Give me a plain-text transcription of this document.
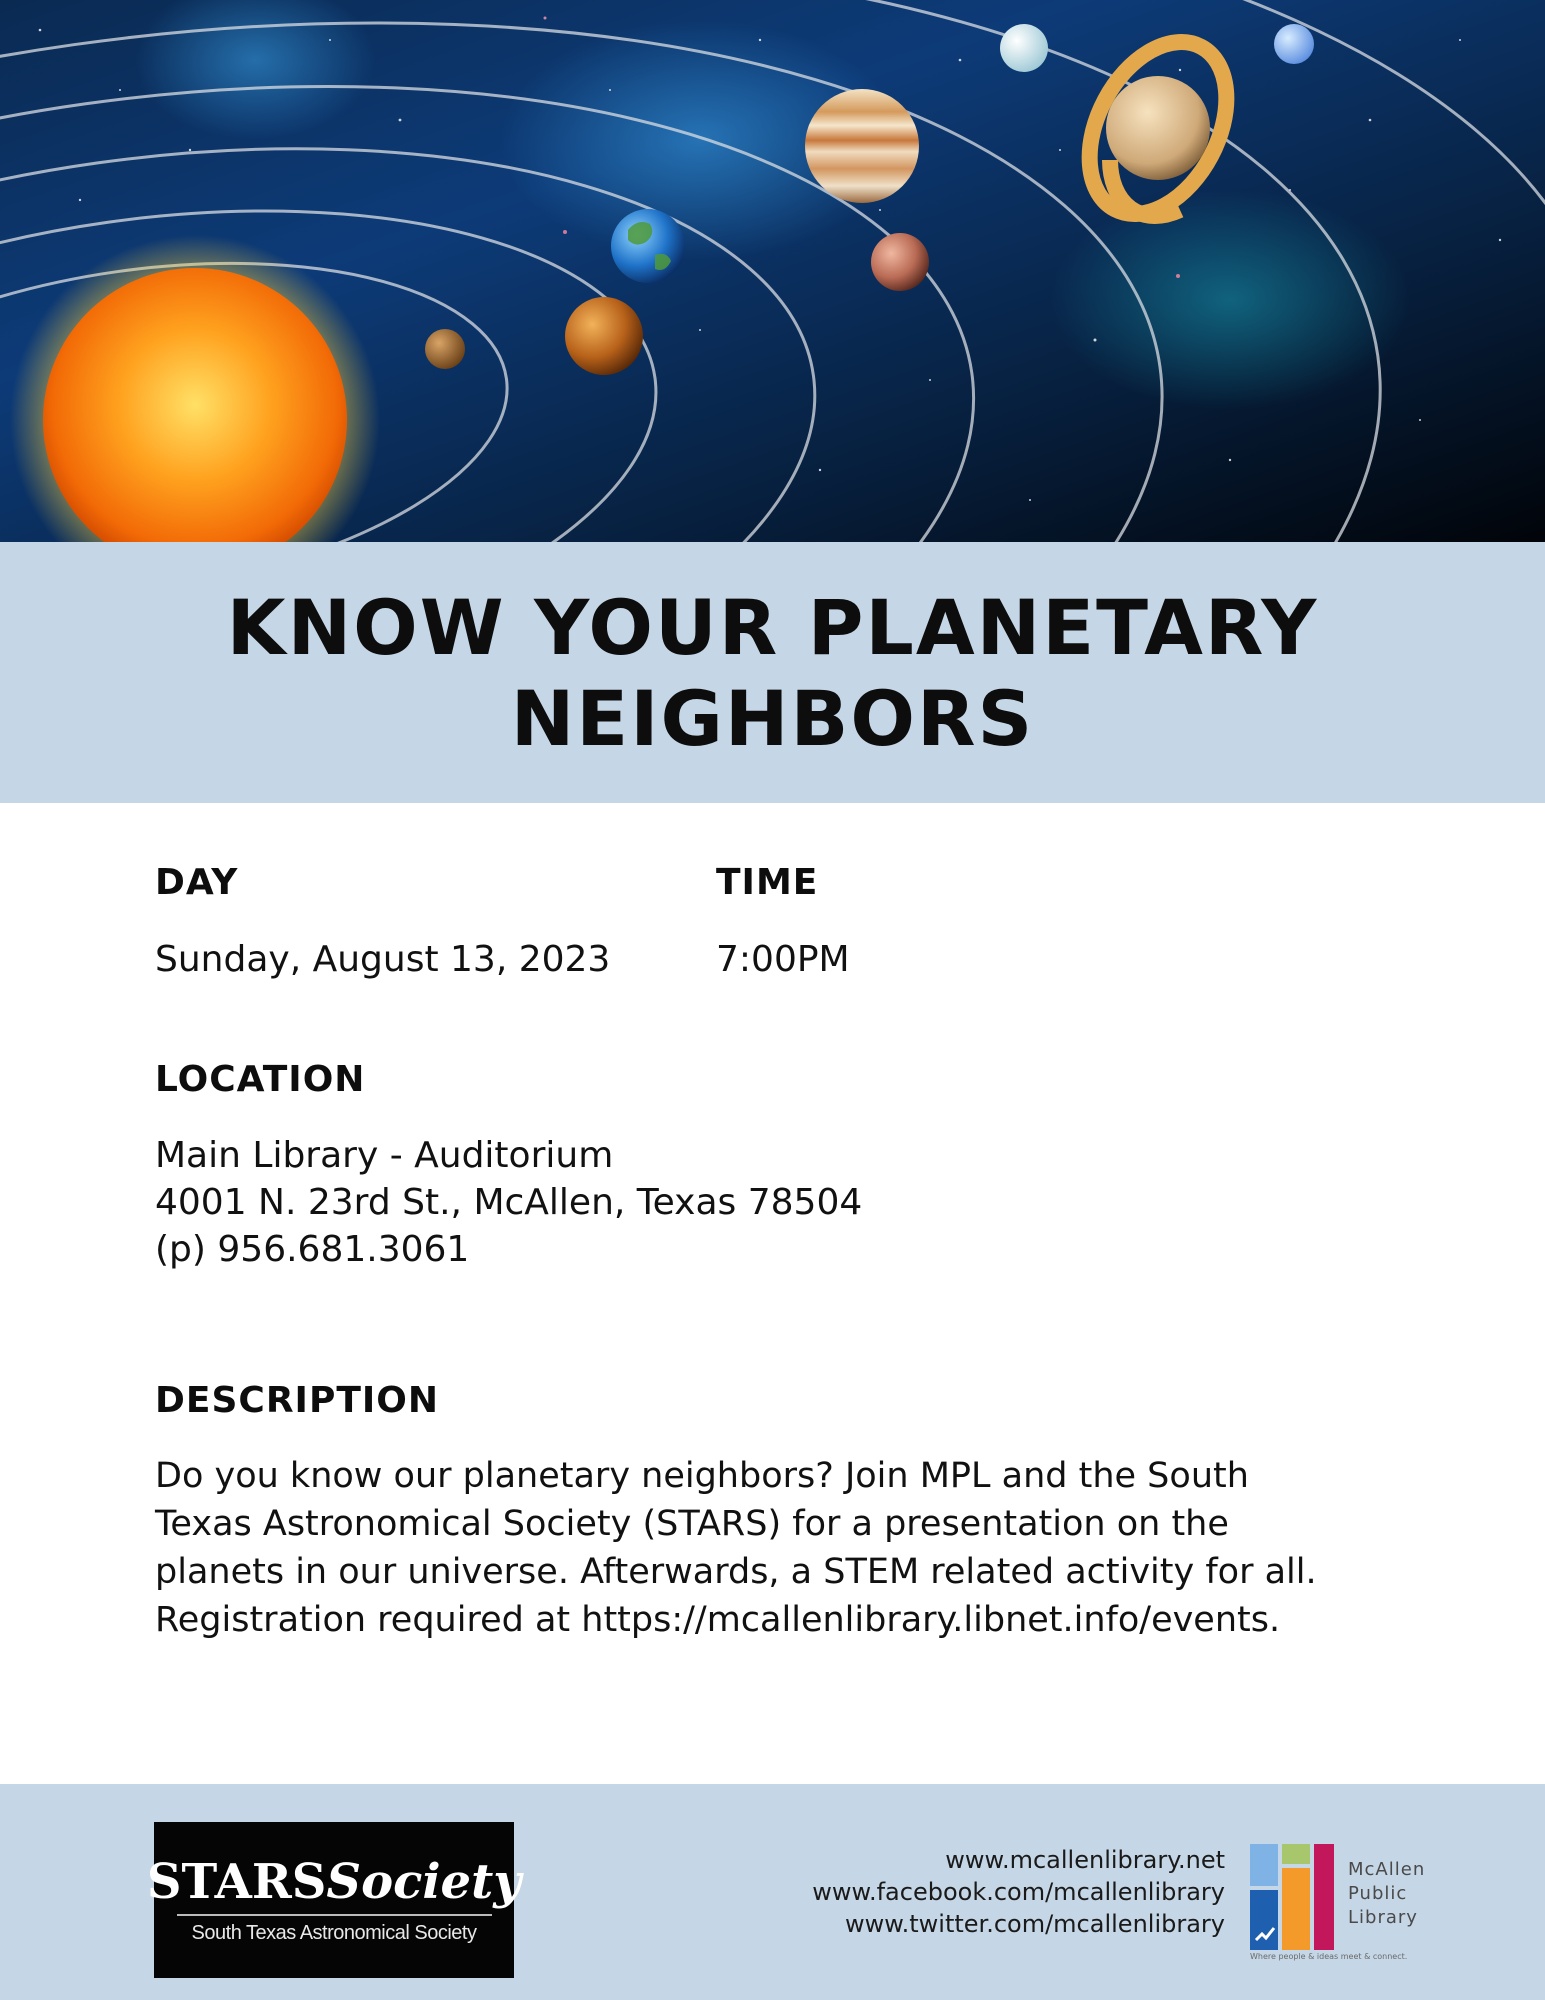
KNOW YOUR PLANETARY NEIGHBORS
DAY
Sunday, August 13, 2023
TIME
7:00PM
LOCATION
Main Library - Auditorium
4001 N. 23rd St., McAllen, Texas 78504
(p) 956.681.3061
DESCRIPTION
Do you know our planetary neighbors? Join MPL and the South Texas Astronomical Society (STARS) for a presentation on the planets in our universe. Afterwards, a STEM related activity for all. Registration required at https://mcallenlibrary.libnet.info/events.
STARSSociety
South Texas Astronomical Society
www.mcallenlibrary.net
www.facebook.com/mcallenlibrary
www.twitter.com/mcallenlibrary
McAllen
Public
Library
Where people & ideas meet & connect.
